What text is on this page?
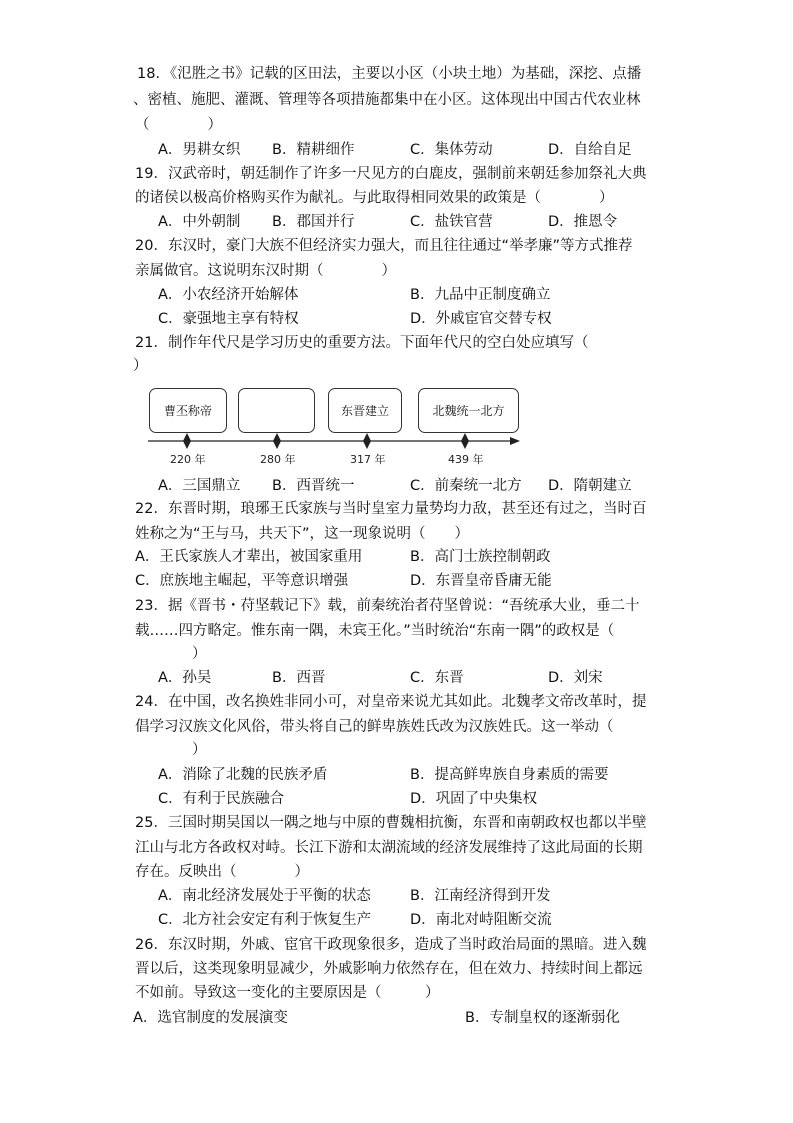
18．《氾胜之书》记载的区田法，主要以小区（小块土地）为基础，深挖、点播
、密植、施肥、灌溉、管理等各项措施都集中在小区。这体现出中国古代农业林
（　　　　）
A．男耕女织 B．精耕细作	C．集体劳动	D．自给自足
19．汉武帝时，朝廷制作了许多一尺见方的白鹿皮，强制前来朝廷参加祭礼大典
的诸侯以极高价格购买作为献礼。与此取得相同效果的政策是（　　　　）
A．中外朝制 B．郡国并行	C．盐铁官营	D．推恩令
20．东汉时，豪门大族不但经济实力强大，而且往往通过“举孝廉”等方式推荐
亲属做官。这说明东汉时期（　　　　）
A．小农经济开始解体	B．九品中正制度确立
C．豪强地主享有特权	D．外戚宦官交替专权
21．制作年代尺是学习历史的重要方法。下面年代尺的空白处应填写（
）
曹丕称帝	东晋建立	北魏统一北方
220 年	280 年	317 年	439 年
A．三国鼎立 B．西晋统一	C．前秦统一北方 D．隋朝建立
22．东晋时期，琅琊王氏家族与当时皇室力量势均力敌，甚至还有过之，当时百
姓称之为“王与马，共天下”，这一现象说明（　　）
A．王氏家族人才辈出，被国家重用	B．高门士族控制朝政
C．庶族地主崛起，平等意识增强	D．东晋皇帝昏庸无能
23．据《晋书・苻坚载记下》载，前秦统治者苻坚曾说：“吾统承大业，垂二十
载……四方略定。惟东南一隅，未宾王化。”当时统治“东南一隅”的政权是（
）
A．孙吴	B．西晋	C．东晋	D．刘宋
24．在中国，改名换姓非同小可，对皇帝来说尤其如此。北魏孝文帝改革时，提
倡学习汉族文化风俗，带头将自己的鲜卑族姓氏改为汉族姓氏。这一举动（
）
A．消除了北魏的民族矛盾	B．提高鲜卑族自身素质的需要
C．有利于民族融合	D．巩固了中央集权
25．三国时期吴国以一隅之地与中原的曹魏相抗衡，东晋和南朝政权也都以半壁
江山与北方各政权对峙。长江下游和太湖流域的经济发展维持了这此局面的长期
存在。反映出（　　　　）
A．南北经济发展处于平衡的状态	B．江南经济得到开发
C．北方社会安定有利于恢复生产	D．南北对峙阻断交流
26．东汉时期，外戚、宦官干政现象很多，造成了当时政治局面的黑暗。进入魏
晋以后，这类现象明显减少，外戚影响力依然存在，但在效力、持续时间上都远
不如前。导致这一变化的主要原因是（　　　）
A．选官制度的发展演变	B．专制皇权的逐渐弱化
